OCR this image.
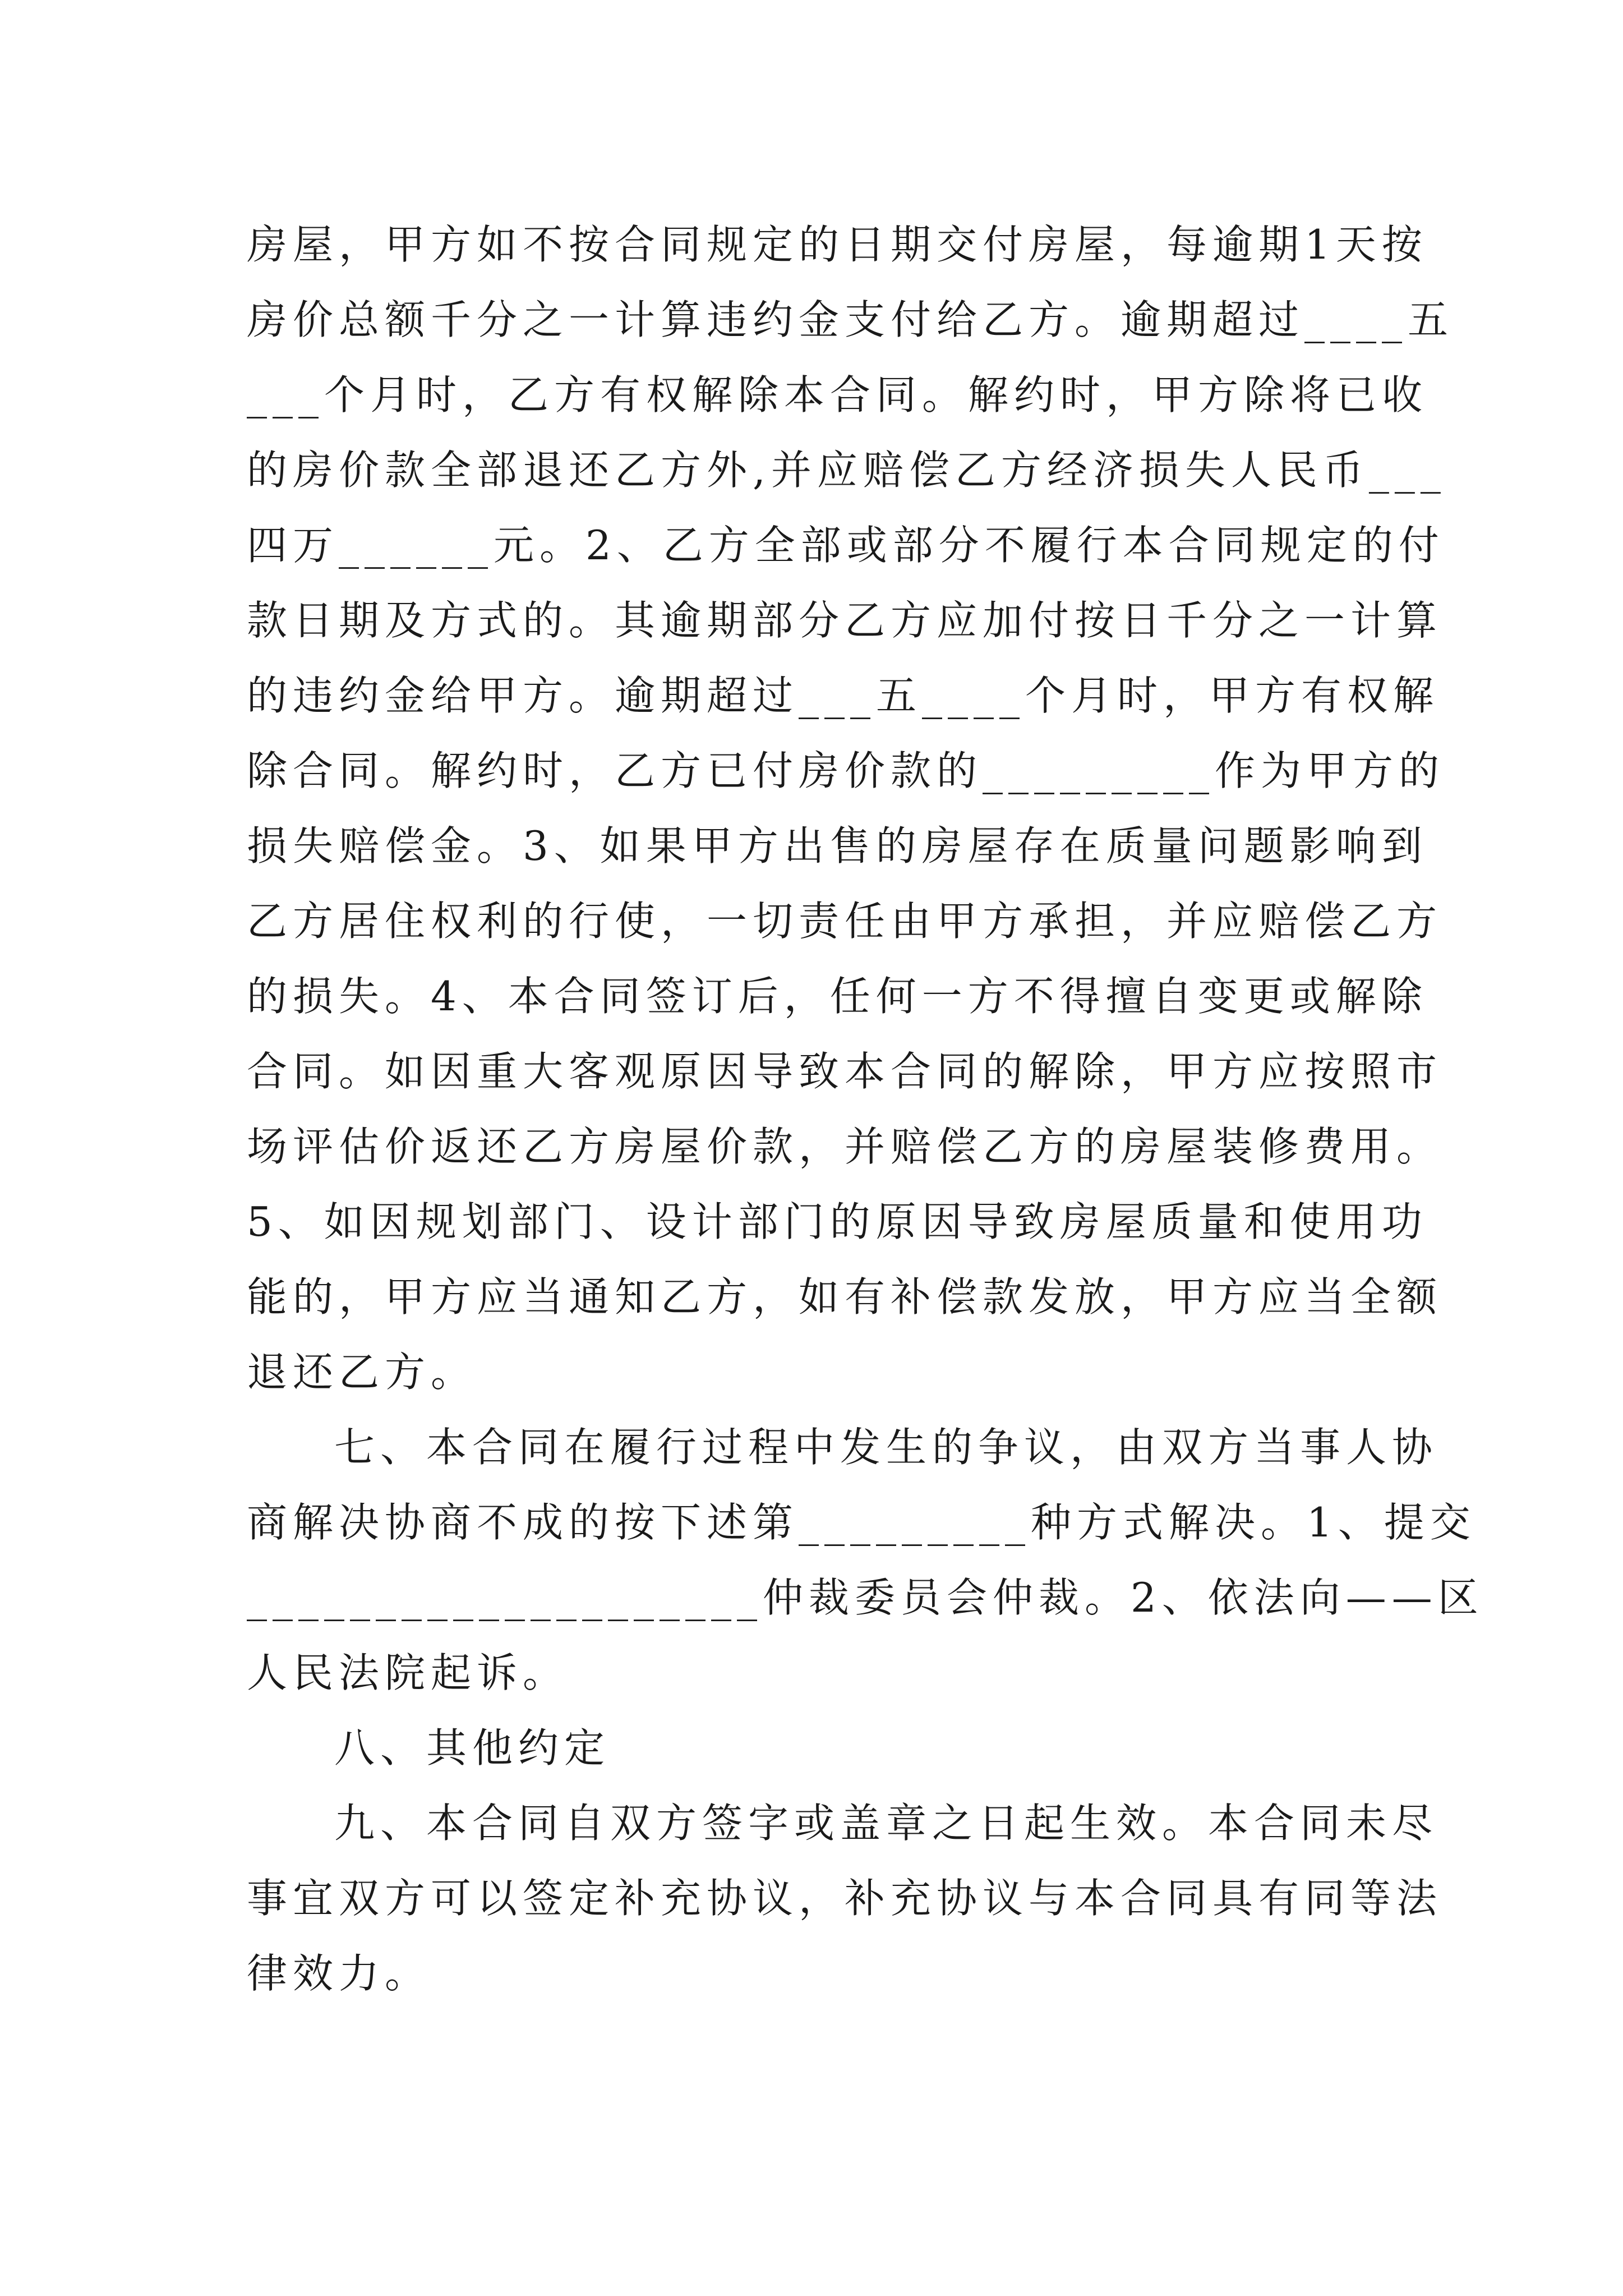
房屋，甲方如不按合同规定的日期交付房屋，每逾期1天按
房价总额千分之一计算违约金支付给乙方。逾期超过____五
___个月时，乙方有权解除本合同。解约时，甲方除将已收
的房价款全部退还乙方外,并应赔偿乙方经济损失人民币___
四万______元。2、乙方全部或部分不履行本合同规定的付
款日期及方式的。其逾期部分乙方应加付按日千分之一计算
的违约金给甲方。逾期超过___五____个月时，甲方有权解
除合同。解约时，乙方已付房价款的_________作为甲方的
损失赔偿金。3、如果甲方出售的房屋存在质量问题影响到
乙方居住权利的行使，一切责任由甲方承担，并应赔偿乙方
的损失。4、本合同签订后，任何一方不得擅自变更或解除
合同。如因重大客观原因导致本合同的解除，甲方应按照市
场评估价返还乙方房屋价款，并赔偿乙方的房屋装修费用。
5、如因规划部门、设计部门的原因导致房屋质量和使用功
能的，甲方应当通知乙方，如有补偿款发放，甲方应当全额
退还乙方。
七、本合同在履行过程中发生的争议，由双方当事人协
商解决协商不成的按下述第_________种方式解决。1、提交
____________________仲裁委员会仲裁。2、依法向——区
人民法院起诉。
八、其他约定
九、本合同自双方签字或盖章之日起生效。本合同未尽
事宜双方可以签定补充协议，补充协议与本合同具有同等法
律效力。
